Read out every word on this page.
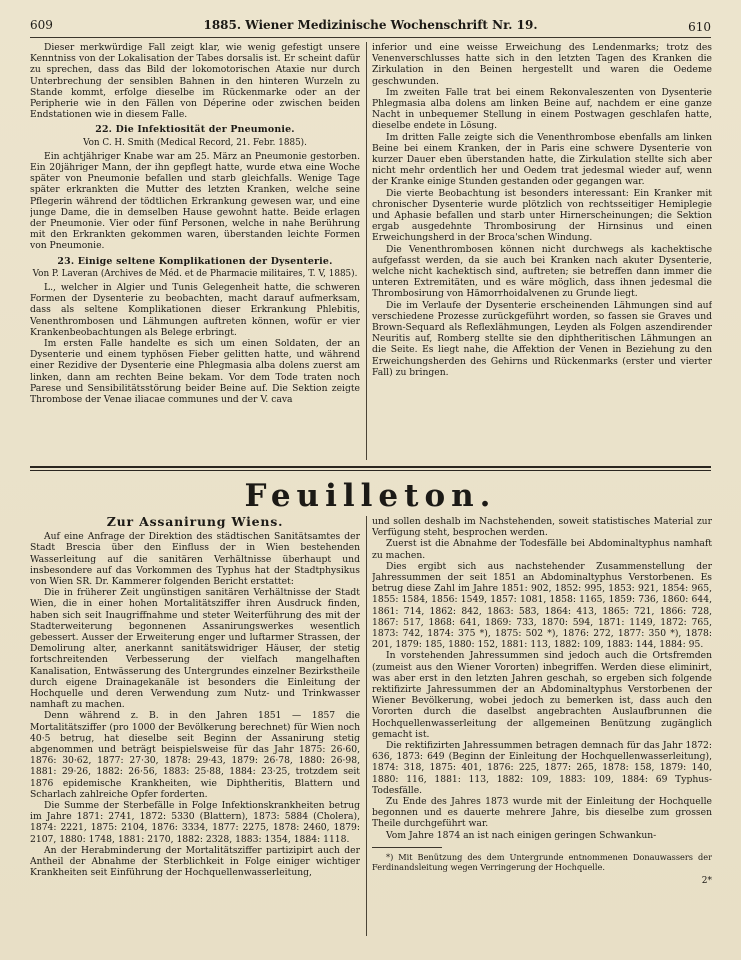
609	1885. Wiener Medizinische Wochenschrift Nr. 19.	610

Dieser merkwürdige Fall zeigt klar, wie wenig gefestigt unsere Kenntniss von der Lokalisation der Tabes dorsalis ist. Er scheint dafür zu sprechen, dass das Bild der lokomotorischen Ataxie nur durch Unterbrechung der sensiblen Bahnen in den hinteren Wurzeln zu Stande kommt, erfolge dieselbe im Rückenmarke oder an der Peripherie wie in den Fällen von Déperine oder zwischen beiden Endstationen wie in diesem Falle.

22. Die Infektiosität der Pneumonie.
Von C. H. Smith (Medical Record, 21. Febr. 1885).

Ein achtjähriger Knabe war am 25. März an Pneumonie gestorben. Ein 20jähriger Mann, der ihn gepflegt hatte, wurde etwa eine Woche später von Pneumonie befallen und starb gleichfalls. Wenige Tage später erkrankten die Mutter des letzten Kranken, welche seine Pflegerin während der tödtlichen Erkrankung gewesen war, und eine junge Dame, die in demselben Hause gewohnt hatte. Beide erlagen der Pneumonie. Vier oder fünf Personen, welche in nahe Berührung mit den Erkrankten gekommen waren, überstanden leichte Formen von Pneumonie.

23. Einige seltene Komplikationen der Dysenterie.
Von P. Laveran (Archives de Méd. et de Pharmacie militaires, T. V, 1885).

L., welcher in Algier und Tunis Gelegenheit hatte, die schweren Formen der Dysenterie zu beobachten, macht darauf aufmerksam, dass als seltene Komplikationen dieser Erkrankung Phlebitis, Venenthrombosen und Lähmungen auftreten können, wofür er vier Krankenbeobachtungen als Belege erbringt.

Im ersten Falle handelte es sich um einen Soldaten, der an Dysenterie und einem typhösen Fieber gelitten hatte, und während einer Rezidive der Dysenterie eine Phlegmasia alba dolens zuerst am linken, dann am rechten Beine bekam. Vor dem Tode traten noch Parese und Sensibilitätsstörung beider Beine auf. Die Sektion zeigte Thrombose der Venae iliacae communes und der V. cava

inferior und eine weisse Erweichung des Lendenmarks; trotz des Venenverschlusses hatte sich in den letzten Tagen des Kranken die Zirkulation in den Beinen hergestellt und waren die Oedeme geschwunden.

Im zweiten Falle trat bei einem Rekonvaleszenten von Dysenterie Phlegmasia alba dolens am linken Beine auf, nachdem er eine ganze Nacht in unbequemer Stellung in einem Postwagen geschlafen hatte, dieselbe endete in Lösung.

Im dritten Falle zeigte sich die Venenthrombose ebenfalls am linken Beine bei einem Kranken, der in Paris eine schwere Dysenterie von kurzer Dauer eben überstanden hatte, die Zirkulation stellte sich aber nicht mehr ordentlich her und Oedem trat jedesmal wieder auf, wenn der Kranke einige Stunden gestanden oder gegangen war.

Die vierte Beobachtung ist besonders interessant: Ein Kranker mit chronischer Dysenterie wurde plötzlich von rechtsseitiger Hemiplegie und Aphasie befallen und starb unter Hirnerscheinungen; die Sektion ergab ausgedehnte Thrombosirung der Hirnsinus und einen Erweichungsherd in der Broca'schen Windung.

Die Venenthrombosen können nicht durchwegs als kachektische aufgefasst werden, da sie auch bei Kranken nach akuter Dysenterie, welche nicht kachektisch sind, auftreten; sie betreffen dann immer die unteren Extremitäten, und es wäre möglich, dass ihnen jedesmal die Thrombosirung von Hämorrhoidalvenen zu Grunde liegt.

Die im Verlaufe der Dysenterie erscheinenden Lähmungen sind auf verschiedene Prozesse zurückgeführt worden, so fassen sie Graves und Brown-Sequard als Reflexlähmungen, Leyden als Folgen aszendirender Neuritis auf, Romberg stellte sie den diphtheritischen Lähmungen an die Seite. Es liegt nahe, die Affektion der Venen in Beziehung zu den Erweichungsherden des Gehirns und Rückenmarks (erster und vierter Fall) zu bringen.

Feuilleton.
Zur Assanirung Wiens.

Auf eine Anfrage der Direktion des städtischen Sanitätsamtes der Stadt Brescia über den Einfluss der in Wien bestehenden Wasserleitung auf die sanitären Verhältnisse überhaupt und insbesondere auf das Vorkommen des Typhus hat der Stadtphysikus von Wien SR. Dr. Kammerer folgenden Bericht erstattet:

Die in früherer Zeit ungünstigen sanitären Verhältnisse der Stadt Wien, die in einer hohen Mortalitätsziffer ihren Ausdruck finden, haben sich seit Inaugriffnahme und steter Weiterführung des mit der Stadterweiterung begonnenen Assanirungswerkes wesentlich gebessert. Ausser der Erweiterung enger und luftarmer Strassen, der Demolirung alter, anerkannt sanitätswidriger Häuser, der stetig fortschreitenden Verbesserung der vielfach mangelhaften Kanalisation, Entwässerung des Untergrundes einzelner Bezirkstheile durch eigene Drainagekanäle ist besonders die Einleitung der Hochquelle und deren Verwendung zum Nutz- und Trinkwasser namhaft zu machen.

Denn während z. B. in den Jahren 1851 — 1857 die Mortalitätsziffer (pro 1000 der Bevölkerung berechnet) für Wien noch 40·5 betrug, hat dieselbe seit Beginn der Assanirung stetig abgenommen und beträgt beispielsweise für das Jahr 1875: 26·60, 1876: 30·62, 1877: 27·30, 1878: 29·43, 1879: 26·78, 1880: 26·98, 1881: 29·26, 1882: 26·56, 1883: 25·88, 1884: 23·25, trotzdem seit 1876 epidemische Krankheiten, wie Diphtheritis, Blattern und Scharlach zahlreiche Opfer forderten.

Die Summe der Sterbefälle in Folge Infektionskrankheiten betrug im Jahre 1871: 2741, 1872: 5330 (Blattern), 1873: 5884 (Cholera), 1874: 2221, 1875: 2104, 1876: 3334, 1877: 2275, 1878: 2460, 1879: 2107, 1880: 1748, 1881: 2170, 1882: 2328, 1883: 1354, 1884: 1118.

An der Herabminderung der Mortalitätsziffer partizipirt auch der Antheil der Abnahme der Sterblichkeit in Folge einiger wichtiger Krankheiten seit Einführung der Hochquellenwasserleitung,

und sollen deshalb im Nachstehenden, soweit statistisches Material zur Verfügung steht, besprochen werden.

Zuerst ist die Abnahme der Todesfälle bei Abdominaltyphus namhaft zu machen.

Dies ergibt sich aus nachstehender Zusammenstellung der Jahressummen der seit 1851 an Abdominaltyphus Verstorbenen. Es betrug diese Zahl im Jahre 1851: 902, 1852: 995, 1853: 921, 1854: 965, 1855: 1584, 1856: 1549, 1857: 1081, 1858: 1165, 1859: 736, 1860: 644, 1861: 714, 1862: 842, 1863: 583, 1864: 413, 1865: 721, 1866: 728, 1867: 517, 1868: 641, 1869: 733, 1870: 594, 1871: 1149, 1872: 765, 1873: 742, 1874: 375 *), 1875: 502 *), 1876: 272, 1877: 350 *), 1878: 201, 1879: 185, 1880: 152, 1881: 113, 1882: 109, 1883: 144, 1884: 95.

In vorstehenden Jahressummen sind jedoch auch die Ortsfremden (zumeist aus den Wiener Vororten) inbegriffen. Werden diese eliminirt, was aber erst in den letzten Jahren geschah, so ergeben sich folgende rektifizirte Jahressummen der an Abdominaltyphus Verstorbenen der Wiener Bevölkerung, wobei jedoch zu bemerken ist, dass auch den Vororten durch die daselbst angebrachten Auslaufbrunnen die Hochquellenwasserleitung der allgemeinen Benützung zugänglich gemacht ist.

Die rektifizirten Jahressummen betragen demnach für das Jahr 1872: 636, 1873: 649 (Beginn der Einleitung der Hochquellenwasserleitung), 1874: 318, 1875: 401, 1876: 225, 1877: 265, 1878: 158, 1879: 140, 1880: 116, 1881: 113, 1882: 109, 1883: 109, 1884: 69 Typhus-Todesfälle.

Zu Ende des Jahres 1873 wurde mit der Einleitung der Hochquelle begonnen und es dauerte mehrere Jahre, bis dieselbe zum grossen Theile durchgeführt war.

Vom Jahre 1874 an ist nach einigen geringen Schwankun-

*) Mit Benützung des dem Untergrunde entnommenen Donauwassers der Ferdinandsleitung wegen Verringerung der Hochquelle.

2*
